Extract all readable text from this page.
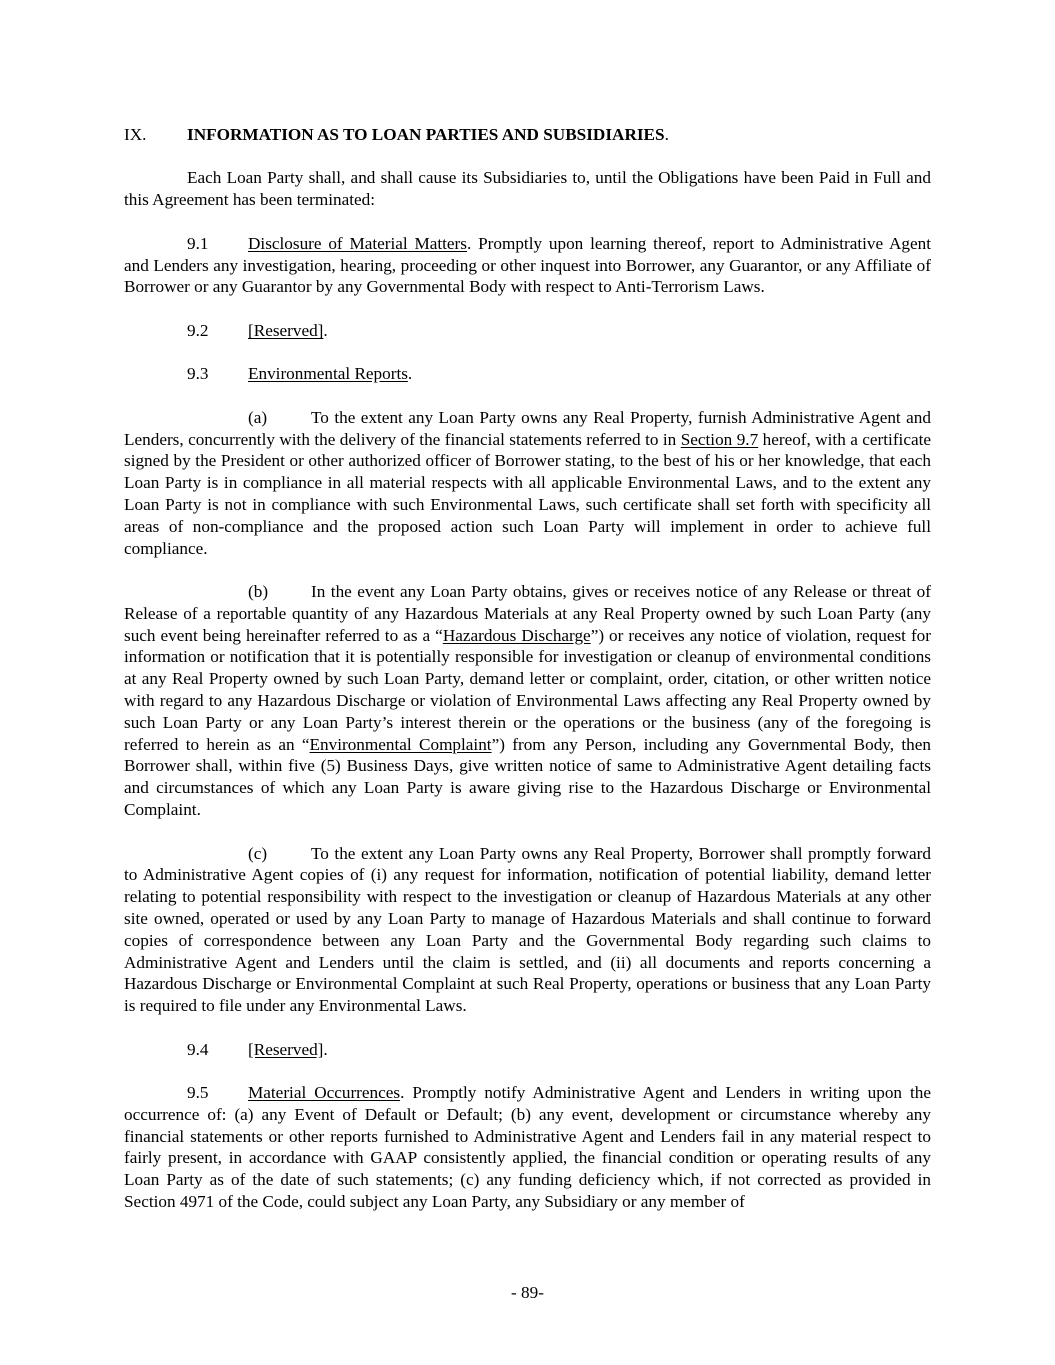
IX.	INFORMATION AS TO LOAN PARTIES AND SUBSIDIARIES.

Each Loan Party shall, and shall cause its Subsidiaries to, until the Obligations have been Paid in Full and this Agreement has been terminated:

9.1 Disclosure of Material Matters. Promptly upon learning thereof, report to Administrative Agent and Lenders any investigation, hearing, proceeding or other inquest into Borrower, any Guarantor, or any Affiliate of Borrower or any Guarantor by any Governmental Body with respect to Anti-Terrorism Laws.

9.2 [Reserved].

9.3 Environmental Reports.

(a)	To the extent any Loan Party owns any Real Property, furnish Administrative Agent and Lenders, concurrently with the delivery of the financial statements referred to in Section 9.7 hereof, with a certificate signed by the President or other authorized officer of Borrower stating, to the best of his or her knowledge, that each Loan Party is in compliance in all material respects with all applicable Environmental Laws, and to the extent any Loan Party is not in compliance with such Environmental Laws, such certificate shall set forth with specificity all areas of non-compliance and the proposed action such Loan Party will implement in order to achieve full compliance.

(b) In the event any Loan Party obtains, gives or receives notice of any Release or threat of Release of a reportable quantity of any Hazardous Materials at any Real Property owned by such Loan Party (any such event being hereinafter referred to as a “Hazardous Discharge”) or receives any notice of violation, request for information or notification that it is potentially responsible for investigation or cleanup of environmental conditions at any Real Property owned by such Loan Party, demand letter or complaint, order, citation, or other written notice with regard to any Hazardous Discharge or violation of Environmental Laws affecting any Real Property owned by such Loan Party or any Loan Party’s interest therein or the operations or the business (any of the foregoing is referred to herein as an “Environmental Complaint”) from any Person, including any Governmental Body, then Borrower shall, within five (5) Business Days, give written notice of same to Administrative Agent detailing facts and circumstances of which any Loan Party is aware giving rise to the Hazardous Discharge or Environmental Complaint.

(c)	To the extent any Loan Party owns any Real Property, Borrower shall promptly forward to Administrative Agent copies of (i) any request for information, notification of potential liability, demand letter relating to potential responsibility with respect to the investigation or cleanup of Hazardous Materials at any other site owned, operated or used by any Loan Party to manage of Hazardous Materials and shall continue to forward copies of correspondence between any Loan Party and the Governmental Body regarding such claims to Administrative Agent and Lenders until the claim is settled, and (ii) all documents and reports concerning a Hazardous Discharge or Environmental Complaint at such Real Property, operations or business that any Loan Party is required to file under any Environmental Laws.

9.4 [Reserved].

9.5 Material Occurrences. Promptly notify Administrative Agent and Lenders in writing upon the occurrence of: (a) any Event of Default or Default; (b) any event, development or circumstance whereby any financial statements or other reports furnished to Administrative Agent and Lenders fail in any material respect to fairly present, in accordance with GAAP consistently applied, the financial condition or operating results of any Loan Party as of the date of such statements; (c) any funding deficiency which, if not corrected as provided in Section 4971 of the Code, could subject any Loan Party, any Subsidiary or any member of

- 89-
